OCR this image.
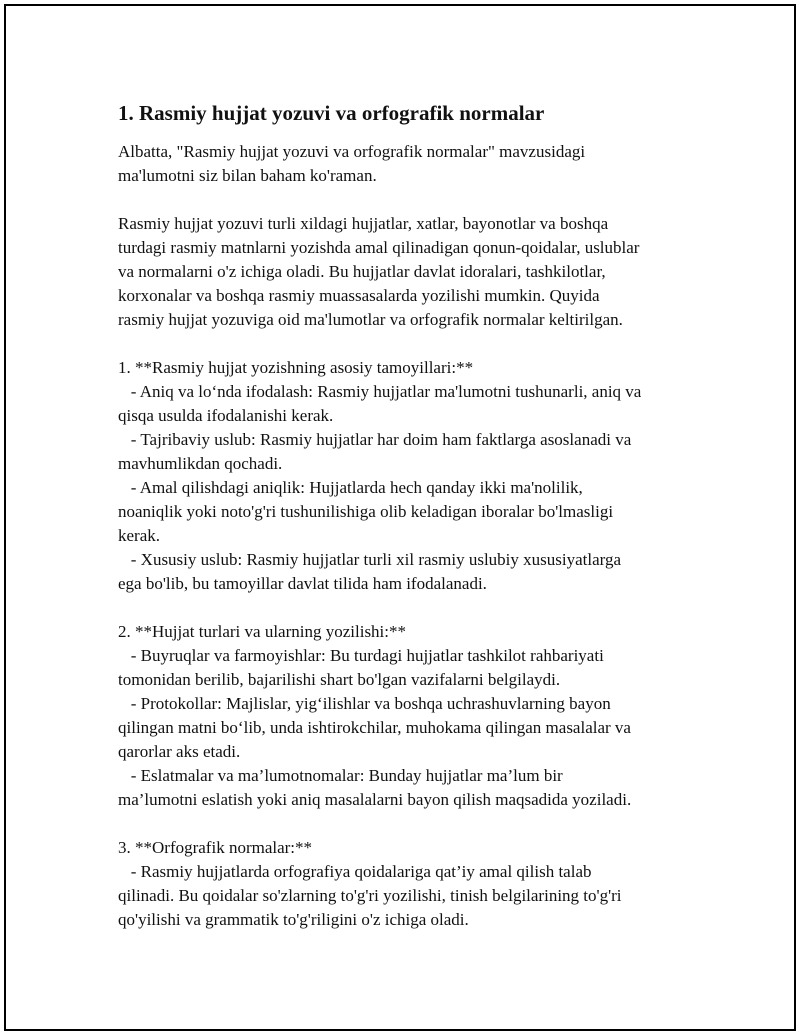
1. Rasmiy hujjat yozuvi va orfografik normalar
Albatta, "Rasmiy hujjat yozuvi va orfografik normalar" mavzusidagi
ma'lumotni siz bilan baham ko'raman.
Rasmiy hujjat yozuvi turli xildagi hujjatlar, xatlar, bayonotlar va boshqa
turdagi rasmiy matnlarni yozishda amal qilinadigan qonun-qoidalar, uslublar
va normalarni o'z ichiga oladi. Bu hujjatlar davlat idoralari, tashkilotlar,
korxonalar va boshqa rasmiy muassasalarda yozilishi mumkin. Quyida
rasmiy hujjat yozuviga oid ma'lumotlar va orfografik normalar keltirilgan.
1. **Rasmiy hujjat yozishning asosiy tamoyillari:**
- Aniq va lo‘nda ifodalash: Rasmiy hujjatlar ma'lumotni tushunarli, aniq va
qisqa usulda ifodalanishi kerak.
- Tajribaviy uslub: Rasmiy hujjatlar har doim ham faktlarga asoslanadi va
mavhumlikdan qochadi.
- Amal qilishdagi aniqlik: Hujjatlarda hech qanday ikki ma'nolilik,
noaniqlik yoki noto'g'ri tushunilishiga olib keladigan iboralar bo'lmasligi
kerak.
- Xususiy uslub: Rasmiy hujjatlar turli xil rasmiy uslubiy xususiyatlarga
ega bo'lib, bu tamoyillar davlat tilida ham ifodalanadi.
2. **Hujjat turlari va ularning yozilishi:**
- Buyruqlar va farmoyishlar: Bu turdagi hujjatlar tashkilot rahbariyati
tomonidan berilib, bajarilishi shart bo'lgan vazifalarni belgilaydi.
- Protokollar: Majlislar, yig‘ilishlar va boshqa uchrashuvlarning bayon
qilingan matni bo‘lib, unda ishtirokchilar, muhokama qilingan masalalar va
qarorlar aks etadi.
- Eslatmalar va ma’lumotnomalar: Bunday hujjatlar ma’lum bir
ma’lumotni eslatish yoki aniq masalalarni bayon qilish maqsadida yoziladi.
3. **Orfografik normalar:**
- Rasmiy hujjatlarda orfografiya qoidalariga qat’iy amal qilish talab
qilinadi. Bu qoidalar so'zlarning to'g'ri yozilishi, tinish belgilarining to'g'ri
qo'yilishi va grammatik to'g'riligini o'z ichiga oladi.
